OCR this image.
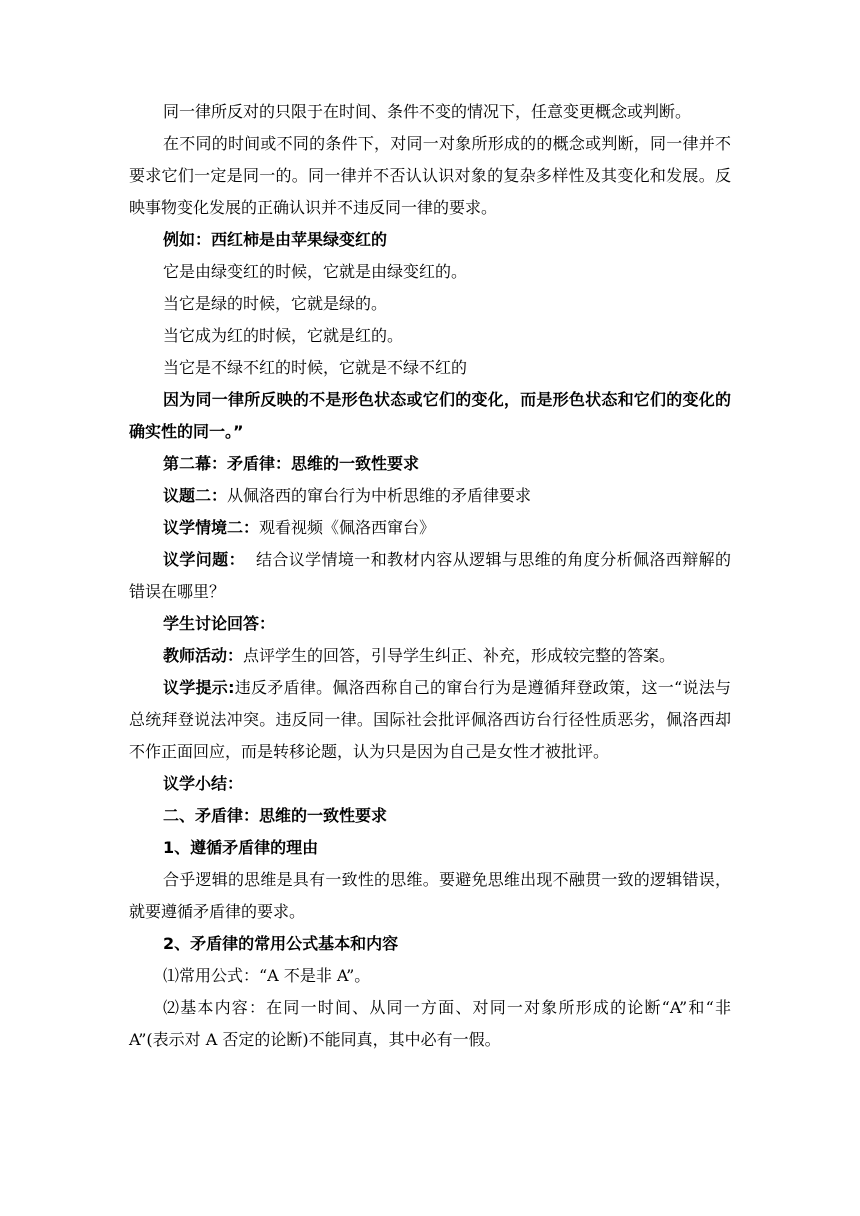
同一律所反对的只限于在时间、条件不变的情况下，任意变更概念或判断。

在不同的时间或不同的条件下，对同一对象所形成的的概念或判断，同一律并不要求它们一定是同一的。同一律并不否认认识对象的复杂多样性及其变化和发展。反映事物变化发展的正确认识并不违反同一律的要求。

例如：西红柿是由苹果绿变红的

它是由绿变红的时候，它就是由绿变红的。

当它是绿的时候，它就是绿的。

当它成为红的时候，它就是红的。

当它是不绿不红的时候，它就是不绿不红的

因为同一律所反映的不是形色状态或它们的变化，而是形色状态和它们的变化的确实性的同一。”

第二幕：矛盾律：思维的一致性要求

议题二：从佩洛西的窜台行为中析思维的矛盾律要求

议学情境二：观看视频《佩洛西窜台》

议学问题：  结合议学情境一和教材内容从逻辑与思维的角度分析佩洛西辩解的错误在哪里？

学生讨论回答：

教师活动：点评学生的回答，引导学生纠正、补充，形成较完整的答案。

议学提示:违反矛盾律。佩洛西称自己的窜台行为是遵循拜登政策，这一“说法与总统拜登说法冲突。违反同一律。国际社会批评佩洛西访台行径性质恶劣，佩洛西却不作正面回应，而是转移论题，认为只是因为自己是女性才被批评。

议学小结：

二、矛盾律：思维的一致性要求

1、遵循矛盾律的理由

合乎逻辑的思维是具有一致性的思维。要避免思维出现不融贯一致的逻辑错误，就要遵循矛盾律的要求。

2、矛盾律的常用公式基本和内容

⑴常用公式：“A 不是非 A”。

⑵基本内容：在同一时间、从同一方面、对同一对象所形成的论断“A”和“非 A”(表示对 A 否定的论断)不能同真，其中必有一假。
